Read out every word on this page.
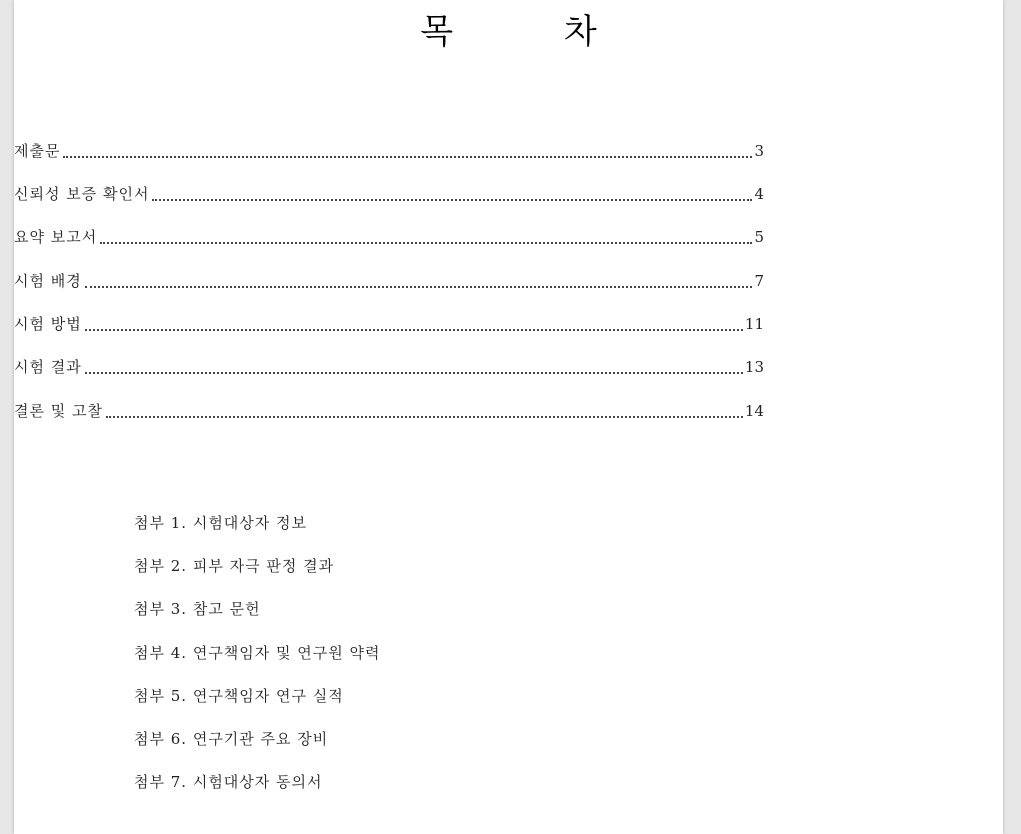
목 차
제출문	3
신뢰성 보증 확인서	4
요약 보고서	5
시험 배경	7
시험 방법	11
시험 결과	13
결론 및 고찰	14
첨부 1. 시험대상자 정보
첨부 2. 피부 자극 판정 결과
첨부 3. 참고 문헌
첨부 4. 연구책임자 및 연구원 약력
첨부 5. 연구책임자 연구 실적
첨부 6. 연구기관 주요 장비
첨부 7. 시험대상자 동의서
